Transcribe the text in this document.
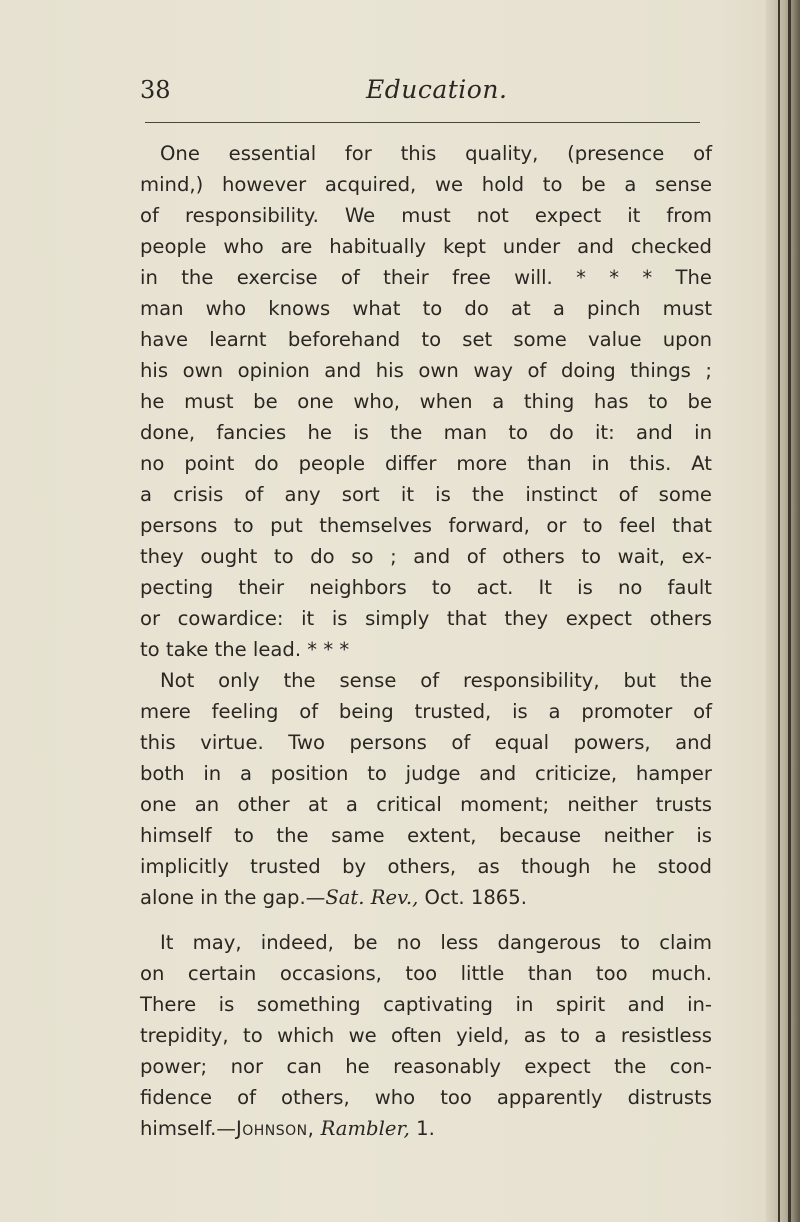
38	Education.
One essential for this quality, (presence of
mind,) however acquired, we hold to be a sense
of responsibility. We must not expect it from
people who are habitually kept under and checked
in the exercise of their free will. * * * The
man who knows what to do at a pinch must
have learnt beforehand to set some value upon
his own opinion and his own way of doing things ;
he must be one who, when a thing has to be
done, fancies he is the man to do it: and in
no point do people differ more than in this. At
a crisis of any sort it is the instinct of some
persons to put themselves forward, or to feel that
they ought to do so ; and of others to wait, ex-
pecting their neighbors to act. It is no fault
or cowardice: it is simply that they expect others
to take the lead. * * *
Not only the sense of responsibility, but the
mere feeling of being trusted, is a promoter of
this virtue. Two persons of equal powers, and
both in a position to judge and criticize, hamper
one an other at a critical moment; neither trusts
himself to the same extent, because neither is
implicitly trusted by others, as though he stood
alone in the gap.—Sat. Rev., Oct. 1865.
It may, indeed, be no less dangerous to claim
on certain occasions, too little than too much.
There is something captivating in spirit and in-
trepidity, to which we often yield, as to a resistless
power; nor can he reasonably expect the con-
fidence of others, who too apparently distrusts
himself.—Johnson, Rambler, 1.
